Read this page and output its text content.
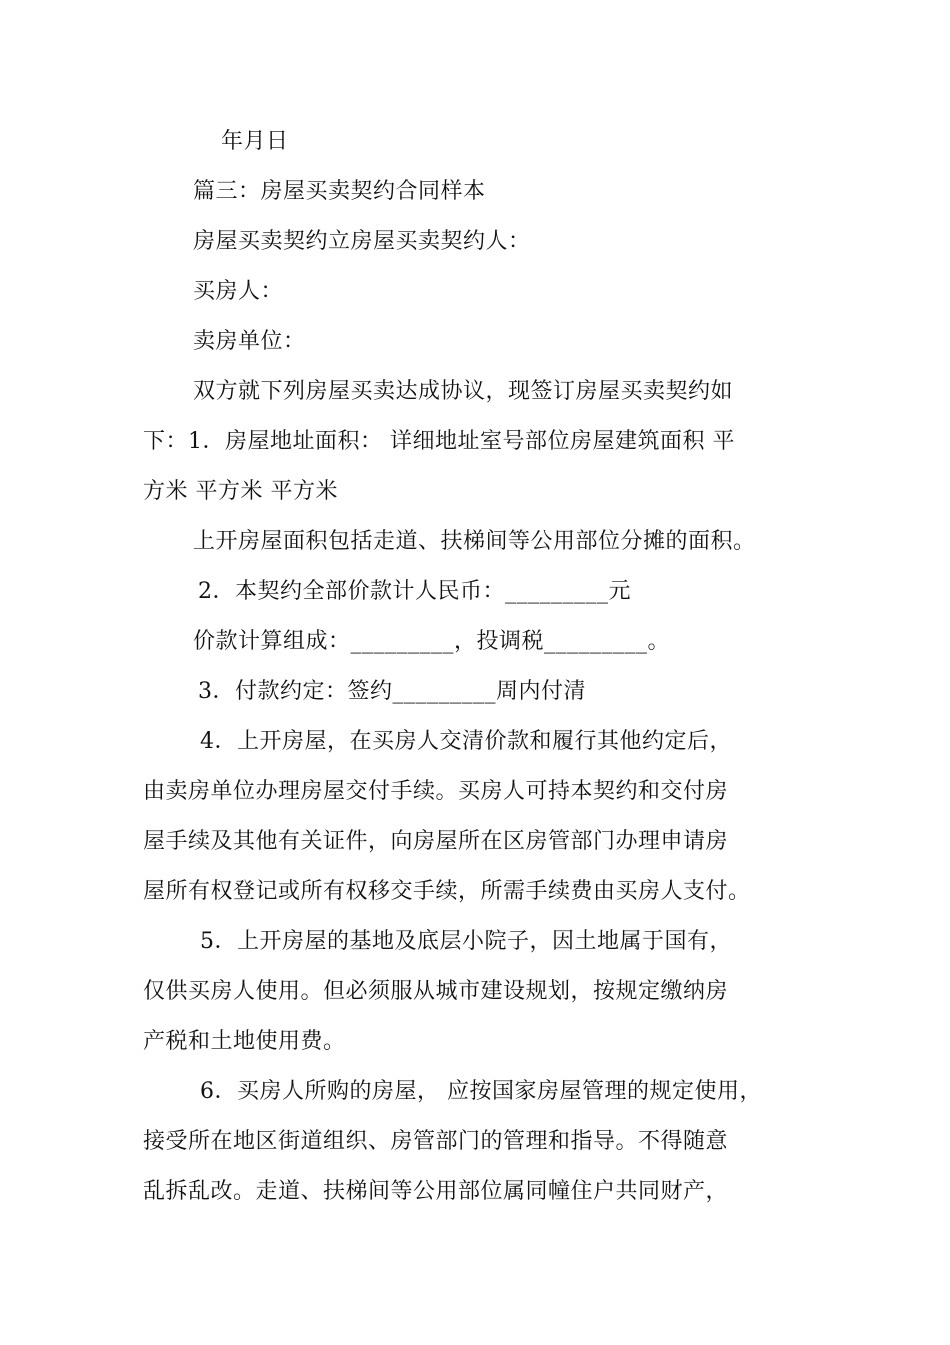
年月日
篇三：房屋买卖契约合同样本
房屋买卖契约立房屋买卖契约人：
买房人：
卖房单位：
双方就下列房屋买卖达成协议，现签订房屋买卖契约如
下：1．房屋地址面积： 详细地址室号部位房屋建筑面积 平
方米 平方米 平方米
上开房屋面积包括走道、扶梯间等公用部位分摊的面积。
2．本契约全部价款计人民币：_________元
价款计算组成：_________，投调税_________。
3．付款约定：签约_________周内付清
4．上开房屋，在买房人交清价款和履行其他约定后，
由卖房单位办理房屋交付手续。买房人可持本契约和交付房
屋手续及其他有关证件，向房屋所在区房管部门办理申请房
屋所有权登记或所有权移交手续，所需手续费由买房人支付。
5．上开房屋的基地及底层小院子，因土地属于国有，
仅供买房人使用。但必须服从城市建设规划，按规定缴纳房
产税和土地使用费。
6．买房人所购的房屋， 应按国家房屋管理的规定使用，
接受所在地区街道组织、房管部门的管理和指导。不得随意
乱拆乱改。走道、扶梯间等公用部位属同幢住户共同财产，
